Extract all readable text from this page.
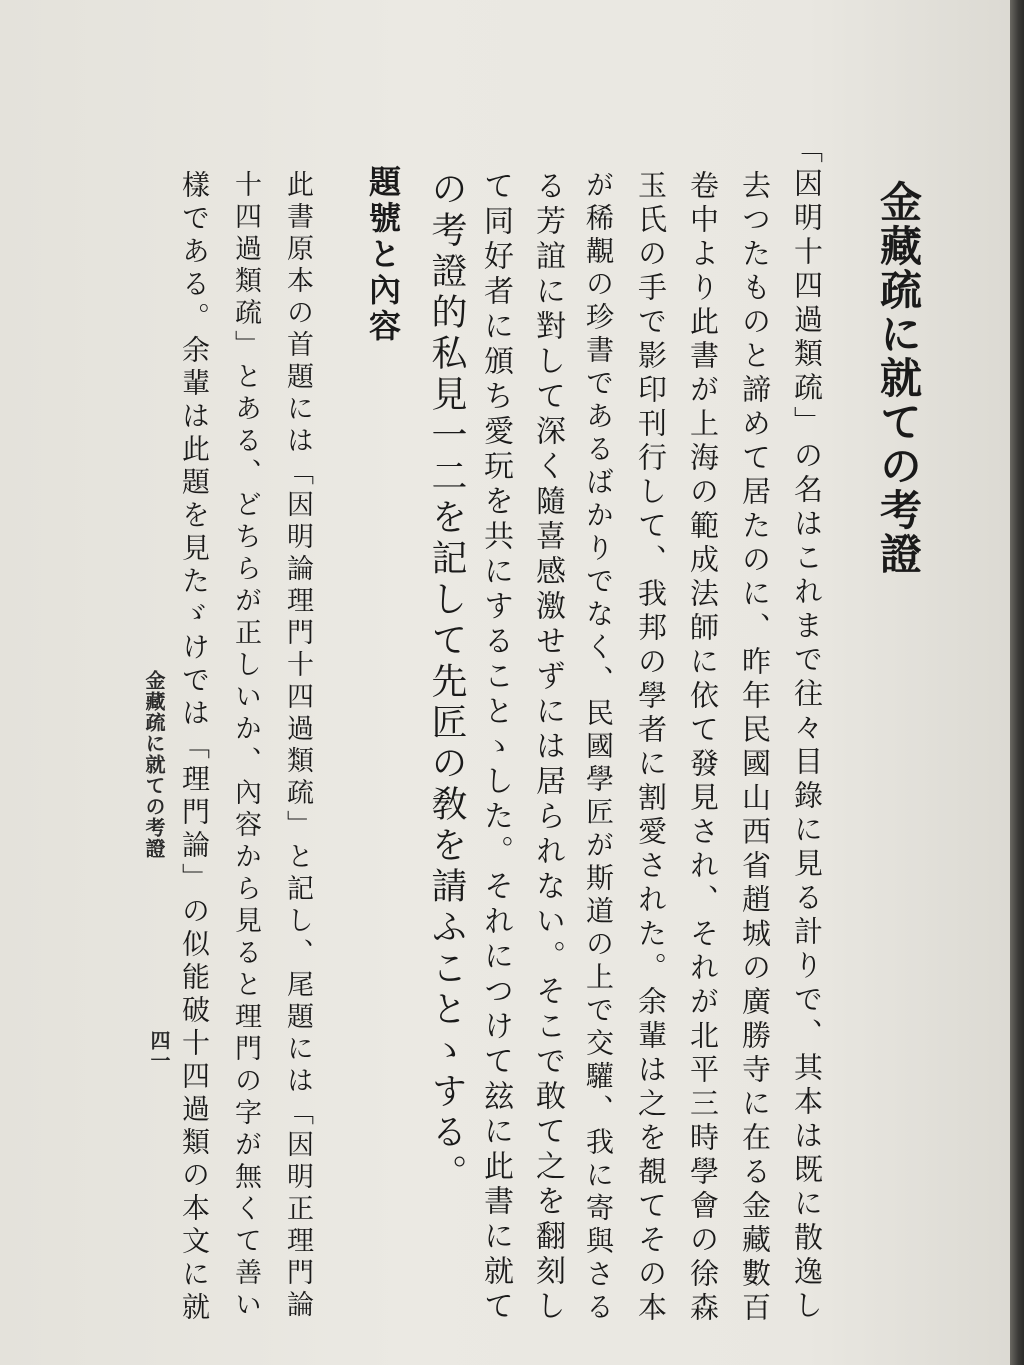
金藏疏に就ての考證

「因明十四過類疏」の名はこれまで往々目錄に見る計りで、其本は既に散逸し

去つたものと諦めて居たのに、昨年民國山西省趙城の廣勝寺に在る金藏數百

卷中より此書が上海の範成法師に依て發見され、それが北平三時學會の徐森

玉氏の手で影印刊行して、我邦の學者に割愛された。余輩は之を覩てその本

が稀覯の珍書であるばかりでなく、民國學匠が斯道の上で交驩、我に寄與さる

る芳誼に對して深く隨喜感激せずには居られない。そこで敢て之を翻刻し

て同好者に頒ち愛玩を共にすることゝした。それにつけて玆に此書に就て

の考證的私見一二を記して先匠の敎を請ふことゝする。

題號と內容

此書原本の首題には「因明論理門十四過類疏」と記し、尾題には「因明正理門論

十四過類疏」とある、どちらが正しいか、內容から見ると理門の字が無くて善い

樣である。余輩は此題を見たゞけでは「理門論」の似能破十四過類の本文に就

金藏疏に就ての考證
四一
